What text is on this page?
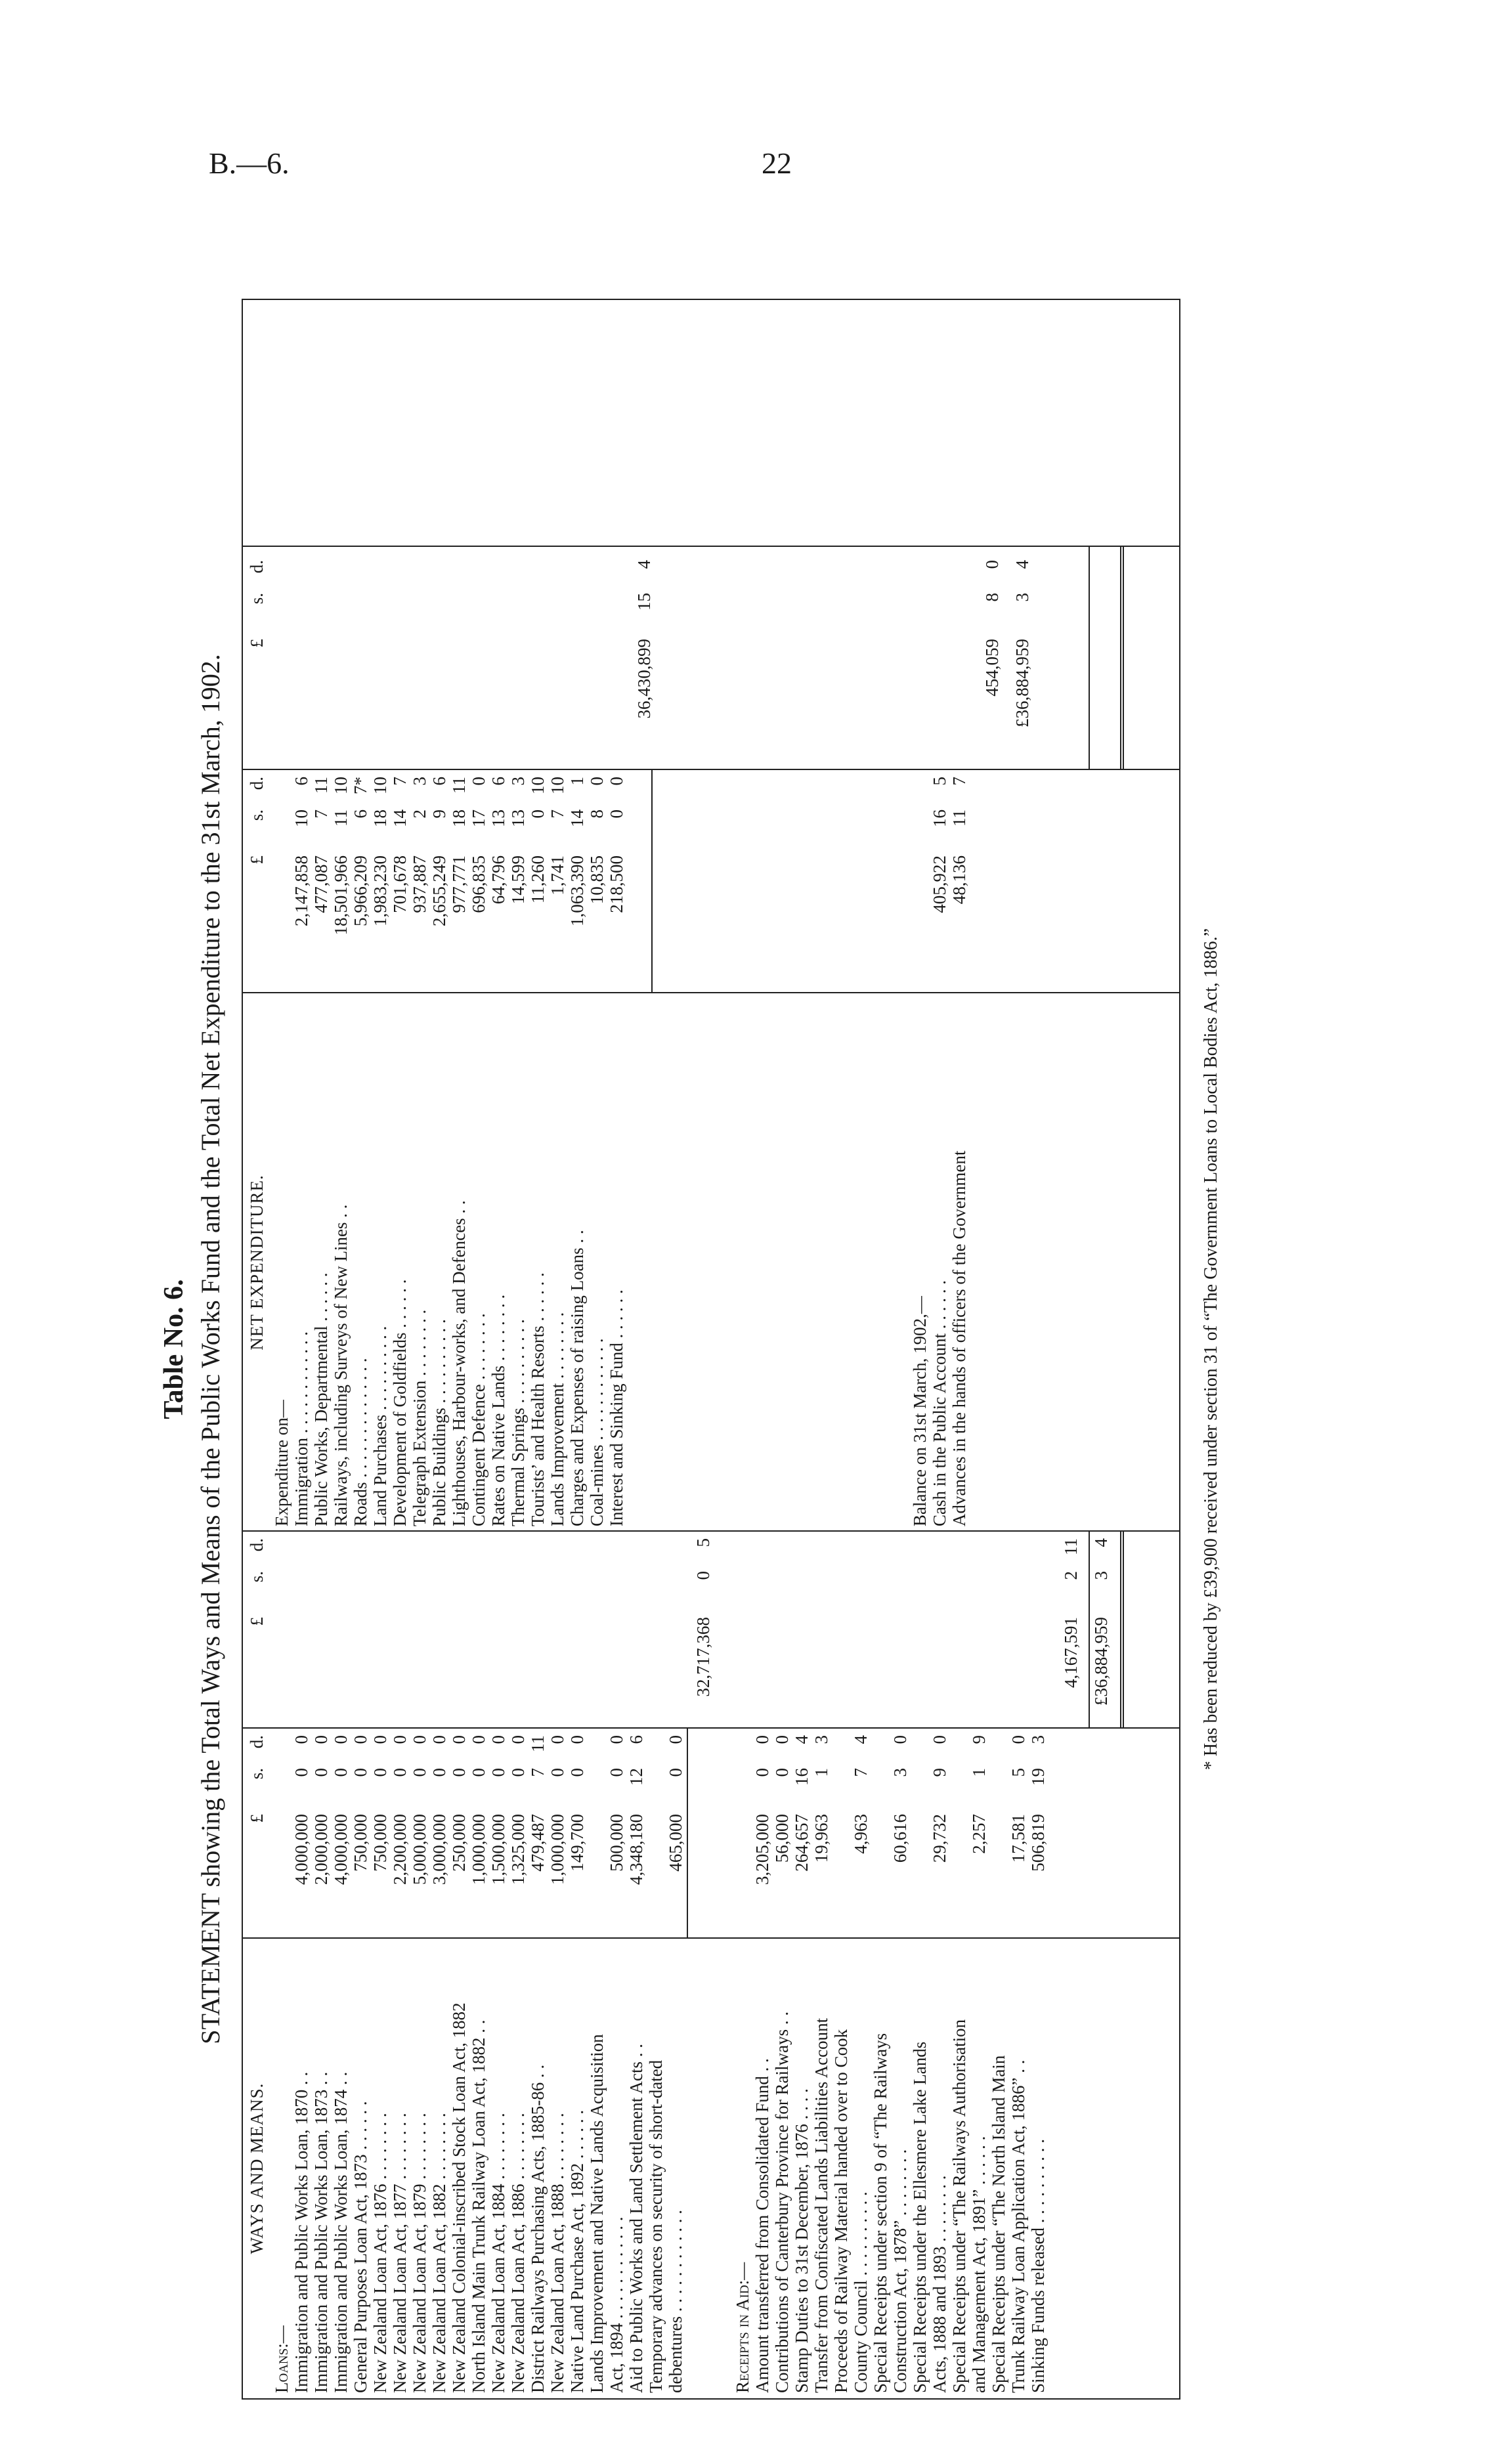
B.—6.	22
Table No. 6. STATEMENT showing the Total Ways and Means of the Public Works Fund and the Total Net Expenditure to the 31st March, 1902.
WAYS AND MEANS.
£
s.
d.
£
s.
d.
NET EXPENDITURE.
£
s.
d.
£
s.
d.
Loans:— Immigration and Public Works Loan, 1870 . .
4,000,000
0
0
Immigration and Public Works Loan, 1873 . .
2,000,000
0
0
Immigration and Public Works Loan, 1874 . .
4,000,000
0
0
General Purposes Loan Act, 1873 . . . . . .
750,000
0
0
New Zealand Loan Act, 1876 . . . . . . . .
750,000
0
0
New Zealand Loan Act, 1877 . . . . . . . .
2,200,000
0
0
New Zealand Loan Act, 1879 . . . . . . . .
5,000,000
0
0
New Zealand Loan Act, 1882 . . . . . . . .
3,000,000
0
0
New Zealand Colonial-inscribed Stock Loan Act, 1882
250,000
0
0
North Island Main Trunk Railway Loan Act, 1882 . .
1,000,000
0
0
New Zealand Loan Act, 1884 . . . . . . . .
1,500,000
0
0
New Zealand Loan Act, 1886 . . . . . . . .
1,325,000
0
0
District Railways Purchasing Acts, 1885-86 . .
479,487
7
11
New Zealand Loan Act, 1888 . . . . . . . .
1,000,000
0
0
Native Land Purchase Act, 1892 . . . . . .
149,700
0
0
Lands Improvement and Native Lands Acquisition Act, 1894 . . . . . . . . . . . .
500,000
0
0
Aid to Public Works and Land Settlement Acts . .
4,348,180
12
6
Temporary advances on security of short-dated debentures . . . . . . . . . . . .
465,000
0
0
32,717,368
0
5
Receipts in Aid:— Amount transferred from Consolidated Fund . .
3,205,000
0
0
Contributions of Canterbury Province for Railways . .
56,000
0
0
Stamp Duties to 31st December, 1876 . . . .
264,657
16
4
Transfer from Confiscated Lands Liabilities Account
19,963
1
3
Proceeds of Railway Material handed over to Cook County Council . . . . . . . . . .
4,963
7
4
Special Receipts under section 9 of “The Railways Construction Act, 1878” . . . . . . . .
60,616
3
0
Special Receipts under the Ellesmere Lake Lands Acts, 1888 and 1893 . . . . . . . .
29,732
9
0
Special Receipts under “The Railways Authorisation and Management Act, 1891” . . . . . .
2,257
1
9
Special Receipts under “The North Island Main Trunk Railway Loan Application Act, 1886” . .
17,581
5
0
Sinking Funds released . . . . . . . . . .
506,819
19
3
4,167,591
2
11
£36,884,959
3
4
Expenditure on— Immigration . . . . . . . . . . . .
2,147,858
10
6
Public Works, Departmental . . . . . .
477,087
7
11
Railways, including Surveys of New Lines . .
18,501,966
11
10
Roads . . . . . . . . . . . . . .
5,966,209
6
7*
Land Purchases . . . . . . . . . .
1,983,230
18
10
Development of Goldfields . . . . . .
701,678
14
7
Telegraph Extension . . . . . . . .
937,887
2
3
Public Buildings . . . . . . . . . .
2,655,249
9
6
Lighthouses, Harbour-works, and Defences . .
977,771
18
11
Contingent Defence . . . . . . . .
696,835
17
0
Rates on Native Lands . . . . . . . .
64,796
13
6
Thermal Springs . . . . . . . . . .
14,599
13
3
Tourists’ and Health Resorts . . . . . .
11,260
0
10
Lands Improvement . . . . . . . .
1,741
7
10
Charges and Expenses of raising Loans . .
1,063,390
14
1
Coal-mines . . . . . . . . . . . .
10,835
8
0
Interest and Sinking Fund . . . . . .
218,500
0
0
36,430,899
15
4
Balance on 31st March, 1902,— Cash in the Public Account . . . . . .
405,922
16
5
Advances in the hands of officers of the Government
48,136
11
7
454,059
8
0
£36,884,959
3
4
* Has been reduced by £39,900 received under section 31 of “The Government Loans to Local Bodies Act, 1886.”
